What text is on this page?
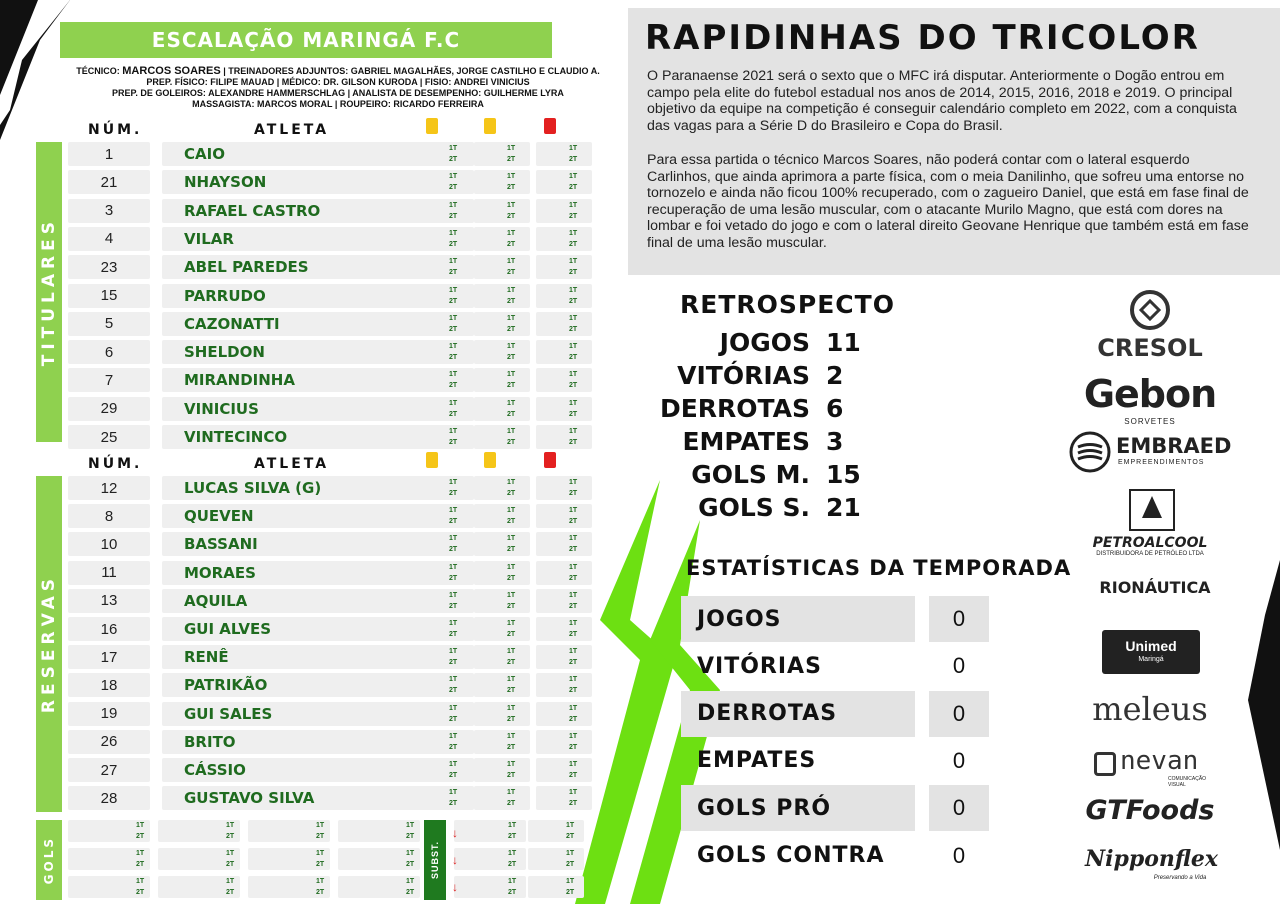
ESCALAÇÃO MARINGÁ F.C
TÉCNICO: MARCOS SOARES | TREINADORES ADJUNTOS: GABRIEL MAGALHÃES, JORGE CASTILHO E CLAUDIO A.
PREP. FÍSICO: FILIPE MAUAD | MÉDICO: DR. GILSON KURODA | FISIO: ANDREI VINICIUS
PREP. DE GOLEIROS: ALEXANDRE HAMMERSCHLAG | ANALISTA DE DESEMPENHO: GUILHERME LYRA
MASSAGISTA: MARCOS MORAL | ROUPEIRO: RICARDO FERREIRA
NÚM.	ATLETA
TITULARES
1	CAIO	1T
2T
1T
2T
1T
2T
21	NHAYSON	1T
2T
1T
2T
1T
2T
3	RAFAEL CASTRO	1T
2T
1T
2T
1T
2T
4	VILAR	1T
2T
1T
2T
1T
2T
23	ABEL PAREDES	1T
2T
1T
2T
1T
2T
15	PARRUDO	1T
2T
1T
2T
1T
2T
5	CAZONATTI	1T
2T
1T
2T
1T
2T
6	SHELDON	1T
2T
1T
2T
1T
2T
7	MIRANDINHA	1T
2T
1T
2T
1T
2T
29	VINICIUS	1T
2T
1T
2T
1T
2T
25	VINTECINCO	1T
2T
1T
2T
1T
2T
NÚM.	ATLETA
RESERVAS
12	LUCAS SILVA (G)	1T
2T
1T
2T
1T
2T
8	QUEVEN	1T
2T
1T
2T
1T
2T
10	BASSANI	1T
2T
1T
2T
1T
2T
11	MORAES	1T
2T
1T
2T
1T
2T
13	AQUILA	1T
2T
1T
2T
1T
2T
16	GUI ALVES	1T
2T
1T
2T
1T
2T
17	RENÊ	1T
2T
1T
2T
1T
2T
18	PATRIKÃO	1T
2T
1T
2T
1T
2T
19	GUI SALES	1T
2T
1T
2T
1T
2T
26	BRITO	1T
2T
1T
2T
1T
2T
27	CÁSSIO	1T
2T
1T
2T
1T
2T
28	GUSTAVO SILVA	1T
2T
1T
2T
1T
2T
GOLS
1T
2T
1T
2T
1T
2T
1T
2T
1T
2T
1T
2T
1T
2T
1T
2T
1T
2T
1T
2T
1T
2T
1T
2T
1T
2T
1T
2T
1T
2T
1T
2T
1T
2T
1T
2T
SUBST.
↓
↓
↓
RAPIDINHAS DO TRICOLOR
O Paranaense 2021 será o sexto que o MFC irá disputar. Anteriormente o Dogão entrou em campo pela elite do futebol estadual nos anos de 2014, 2015, 2016, 2018 e 2019. O principal objetivo da equipe na competição é conseguir calendário completo em 2022, com a conquista das vagas para a Série D do Brasileiro e Copa do Brasil.
Para essa partida o técnico Marcos Soares, não poderá contar com o lateral esquerdo Carlinhos, que ainda aprimora a parte física, com o meia Danilinho, que sofreu uma entorse no tornozelo e ainda não ficou 100% recuperado, com o zagueiro Daniel, que está em fase final de recuperação de uma lesão muscular, com o atacante Murilo Magno, que está com dores na lombar e foi vetado do jogo e com o lateral direito Geovane Henrique que também está em fase final de uma lesão muscular.
RETROSPECTO
JOGOS 11
VITÓRIAS 2
DERROTAS 6
EMPATES 3
GOLS M. 15
GOLS S. 21
ESTATÍSTICAS DA TEMPORADA
JOGOS	0
VITÓRIAS	0
DERROTAS	0
EMPATES	0
GOLS PRÓ	0
GOLS CONTRA	0
CRESOL
Gebon
SORVETES
EMBRAED
EMPREENDIMENTOS
PETROALCOOL
DISTRIBUIDORA DE PETRÓLEO LTDA
RIONÁUTICA
Unimed
Maringá
meleus
nevan
COMUNICAÇÃO VISUAL
GTFoods
Nipponflex
Preservando a Vida
